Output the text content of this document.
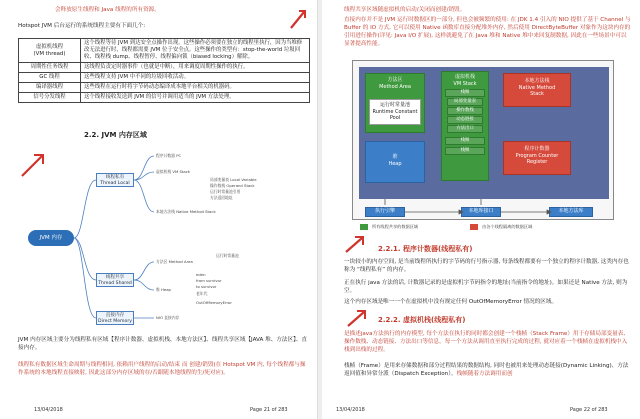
会释放原生线程和 Java 线程的所有资源。
Hotspot JVM 后台运行的系统线程主要有下面几个:
虚拟机线程
(VM thread)	这个线程等待 JVM 到达安全点操作出现。这些操作必须要在独立的线程里执行，因为当堆修改无法进行时，线程都需要 JVM 位于安全点。这些操作的类型有：stop-the-world 垃圾回收、线程栈 dump、线程暂停、线程偏向锁（biased locking）解除。
周期性任务线程	这线程负责定时器事件（也就是中断），用来调度周期性操作的执行。
GC 线程	这些线程支持 JVM 中不同的垃圾回收活动。
编译器线程	这些线程在运行时将字节码动态编译成本地平台相关的机器码。
信号分发线程	这个线程接收发送到 JVM 的信号并调用适当的 JVM 方法处理。
2.2. JVM 内存区域
JVM 内存
线程私有
Thread Local
线程共享
Thread Shared
直接内存
Direct Memory
程序计数器 PC
虚拟机栈 VM Stack
局部变量表 Local Variable
操作数栈 Operand Stack
运行时常量池引用
方法返回地址
本地方法栈 Native Method Stack
方法区 Method Area
运行时常量池
堆 Heap
eden
from survivor
to survivor
老年代
OutOfMemoryError
NIO 直接内存
JVM 内存区域主要分为线程私有区域【程序计数器、虚拟机栈、本地方法区】、线程共享区域【JAVA 堆、方法区】、直接内存。
线程私有数据区域生命周期与线程相同, 依赖用户线程的启动/结束 而 创建/销毁(在 Hotspot VM 内, 每个线程都与操作系统的本地线程直接映射, 因此这部分内存区域的存/否跟随本地线程的生/死对应)。
13/04/2018	Page 21 of 283
线程共享区域随虚拟机的启动/关闭而创建/销毁。
直接内存并不是 JVM 运行时数据区的一部分, 但也会被频繁的使用: 在 JDK 1.4 引入的 NIO 提供了基于 Channel 与 Buffer 的 IO 方式, 它可以使用 Native 函数库直接分配堆外内存, 然后使用 DirectByteBuffer 对象作为这块内存的引用进行操作(详见: Java I/O 扩展), 这样就避免了在 Java 堆和 Native 堆中来回复制数据, 因此在一些场景中可以显著提高性能。
方法区
Method Area
运行时常量池
Runtime Constant
Pool
虚拟机栈
VM Stack
栈帧
局部变量表
操作数栈
动态链接
方法出口
栈帧
栈帧
本地方法栈
Native Method
Stack
堆
Heap
程序计数器
Program Counter
Register
执行引擎	本地库接口	本地方法库
所有线程共享的数据区域	由各个线程隔离的数据区域
2.2.1. 程序计数器(线程私有)
一块较小的内存空间, 是当前线程所执行的字节码的行号指示器, 每条线程都要有一个独立的程序计数器, 这类内存也称为 “线程私有” 的内存。
正在执行 java 方法的话, 计数器记录的是虚拟机字节码指令的地址(当前指令的地址)。如果还是 Native 方法, 则为空。
这个内存区域是唯一一个在虚拟机中没有规定任何 OutOfMemoryError 情况的区域。
2.2.2. 虚拟机栈(线程私有)
是描述java方法执行的内存模型, 每个方法在执行的同时都会创建一个栈帧（Stack Frame）用于存储局部变量表、操作数栈、动态链接、方法出口等信息。每一个方法从调用直至执行完成的过程, 就对应着一个栈帧在虚拟机栈中入栈到出栈的过程。
栈帧（Frame）是用来存储数据和部分过程结果的数据结构, 同时也被用来处理动态链接(Dynamic Linking)、方法返回值和异常分派（Dispatch Exception）。栈帧随着方法调用而创
13/04/2018	Page 22 of 283
